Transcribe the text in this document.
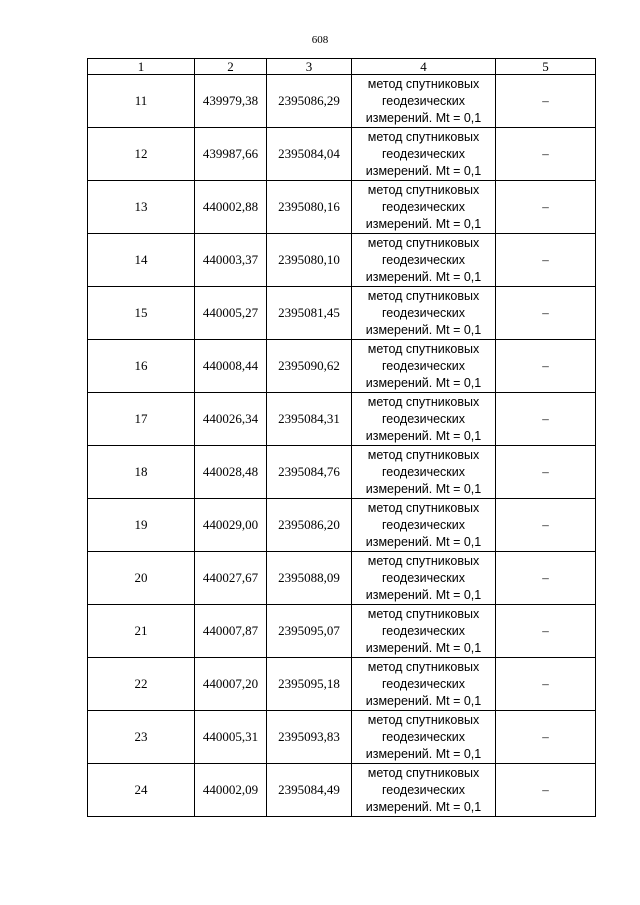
608
1	2	3	4	5
11	439979,38	2395086,29	метод спутниковых
геодезических
измерений. Mt = 0,1	–
12	439987,66	2395084,04	метод спутниковых
геодезических
измерений. Mt = 0,1	–
13	440002,88	2395080,16	метод спутниковых
геодезических
измерений. Mt = 0,1	–
14	440003,37	2395080,10	метод спутниковых
геодезических
измерений. Mt = 0,1	–
15	440005,27	2395081,45	метод спутниковых
геодезических
измерений. Mt = 0,1	–
16	440008,44	2395090,62	метод спутниковых
геодезических
измерений. Mt = 0,1	–
17	440026,34	2395084,31	метод спутниковых
геодезических
измерений. Mt = 0,1	–
18	440028,48	2395084,76	метод спутниковых
геодезических
измерений. Mt = 0,1	–
19	440029,00	2395086,20	метод спутниковых
геодезических
измерений. Mt = 0,1	–
20	440027,67	2395088,09	метод спутниковых
геодезических
измерений. Mt = 0,1	–
21	440007,87	2395095,07	метод спутниковых
геодезических
измерений. Mt = 0,1	–
22	440007,20	2395095,18	метод спутниковых
геодезических
измерений. Mt = 0,1	–
23	440005,31	2395093,83	метод спутниковых
геодезических
измерений. Mt = 0,1	–
24	440002,09	2395084,49	метод спутниковых
геодезических
измерений. Mt = 0,1	–
